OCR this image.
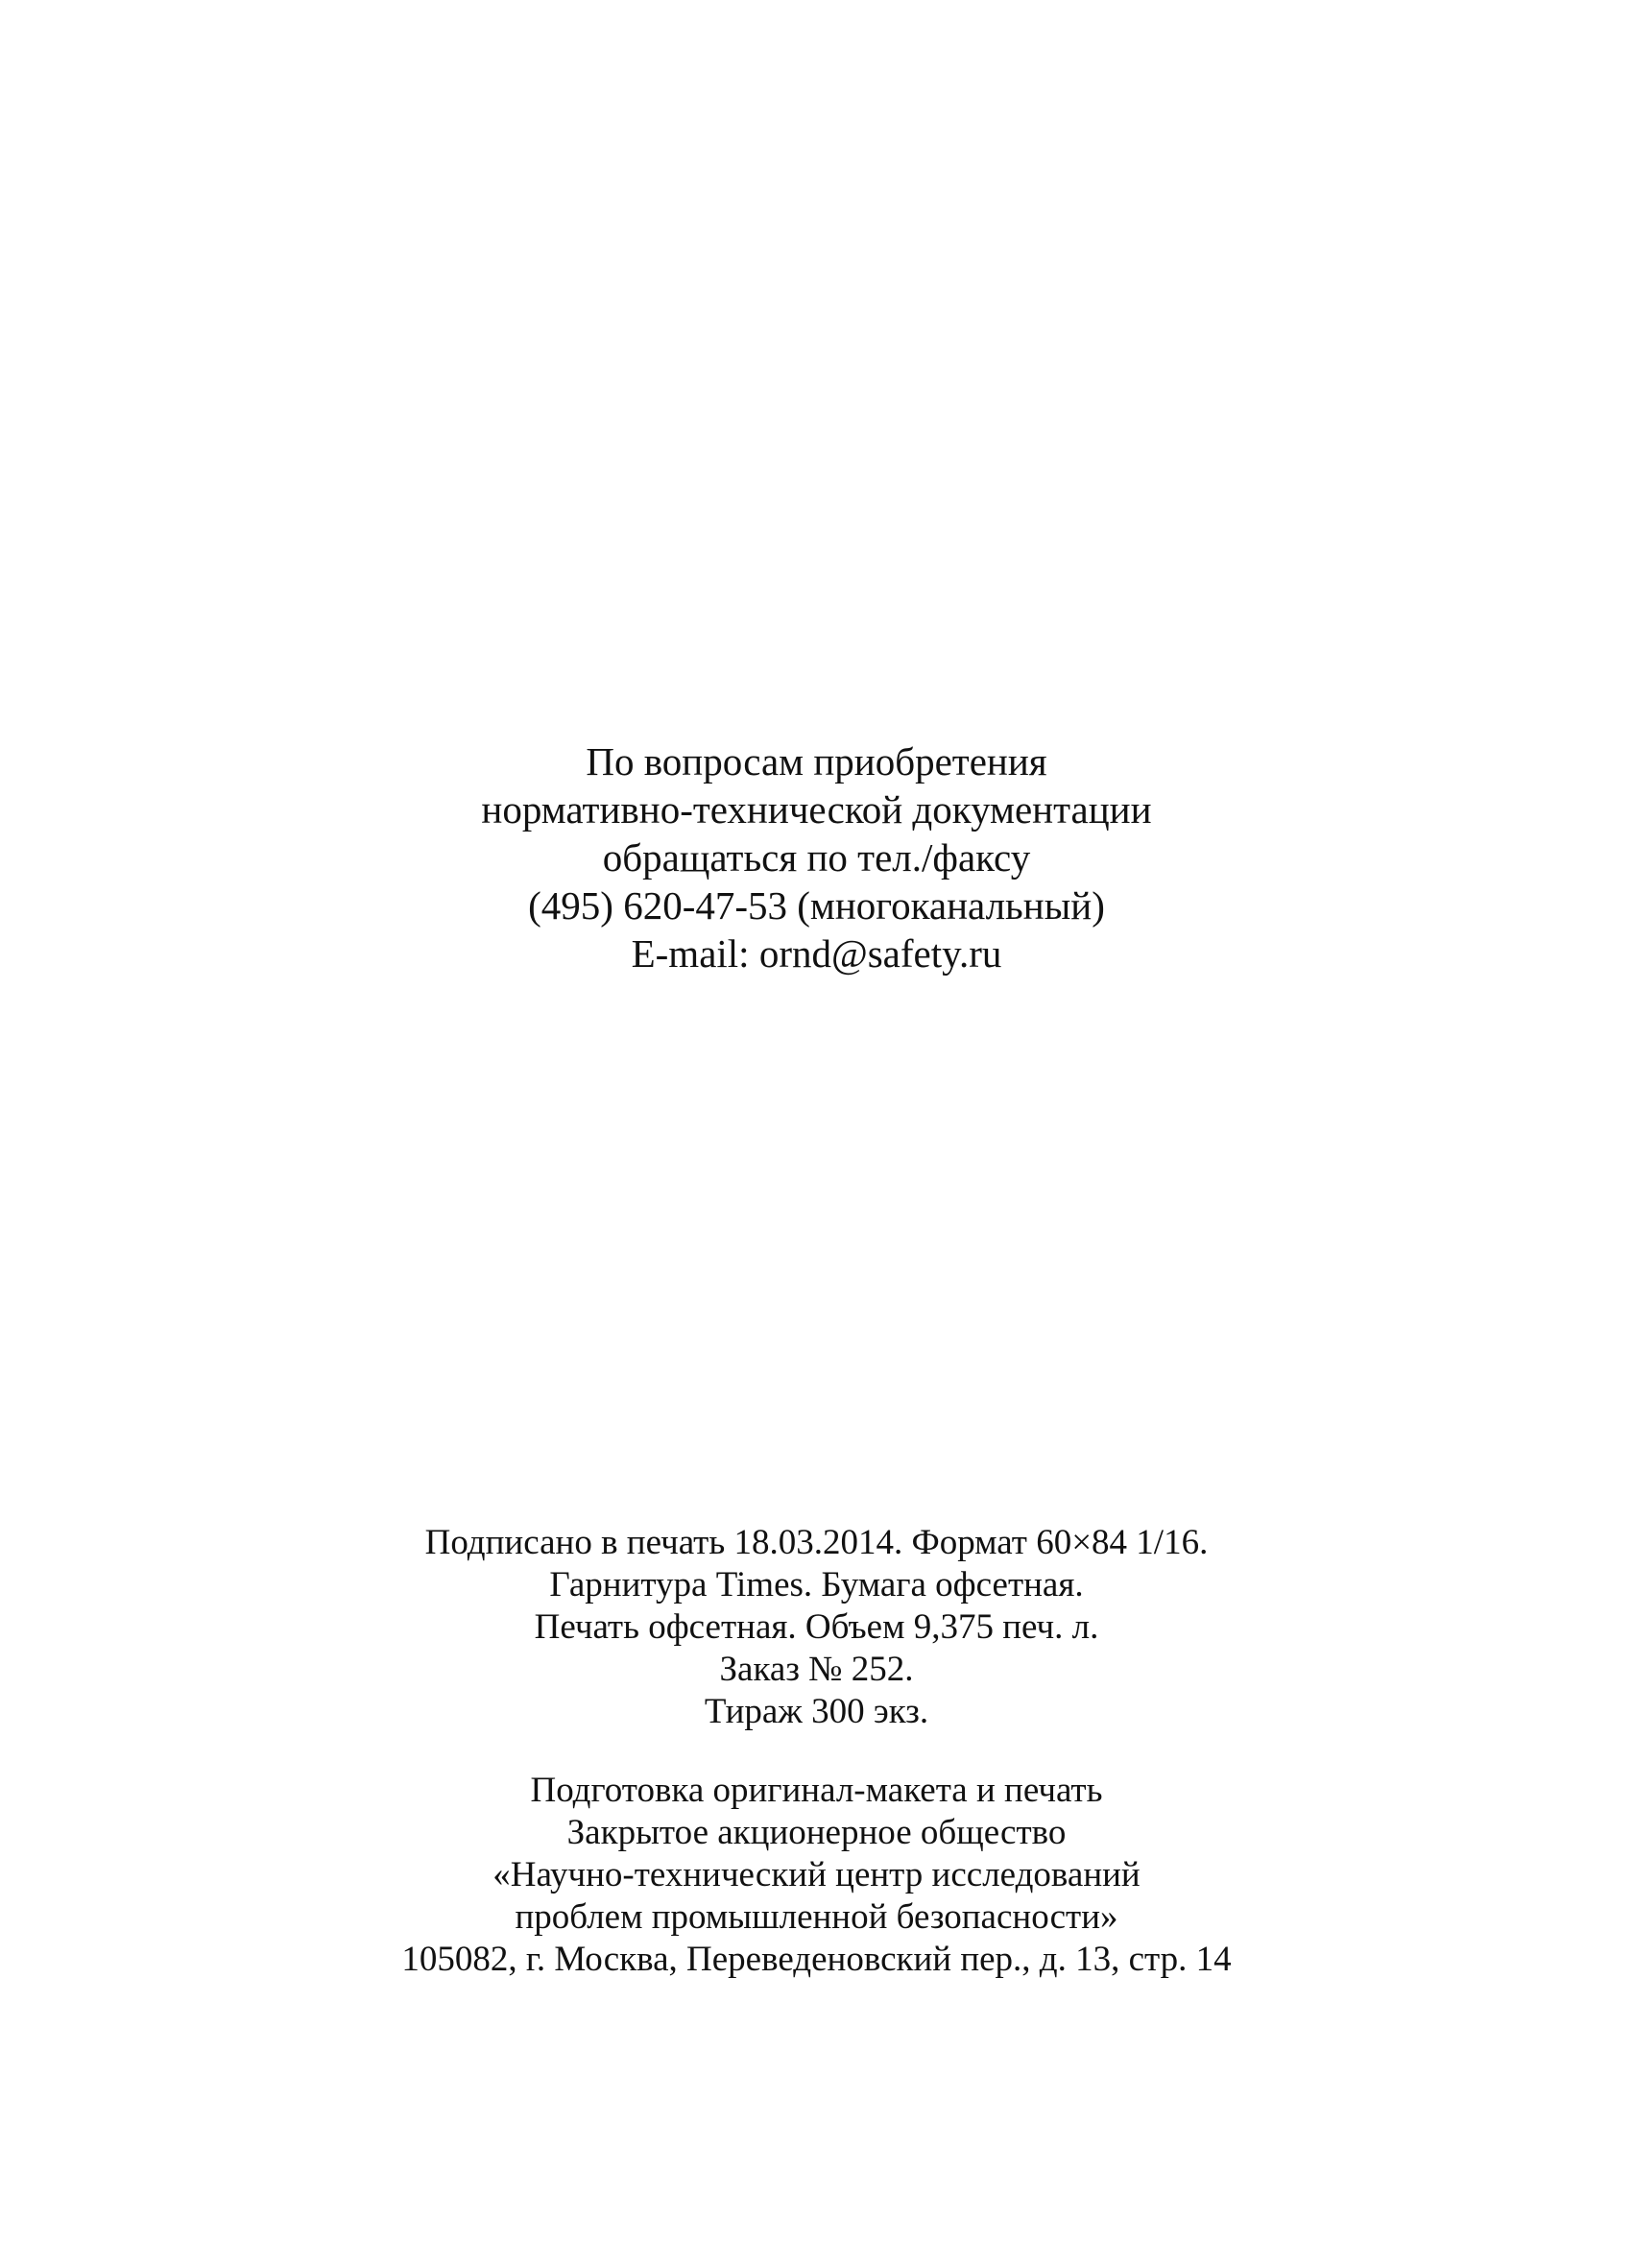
По вопросам приобретения
нормативно-технической документации
обращаться по тел./факсу
(495) 620-47-53 (многоканальный)
E-mail: ornd@safety.ru
Подписано в печать 18.03.2014. Формат 60×84 1/16.
Гарнитура Times. Бумага офсетная.
Печать офсетная. Объем 9,375 печ. л.
Заказ № 252.
Тираж 300 экз.
Подготовка оригинал-макета и печать
Закрытое акционерное общество
«Научно-технический центр исследований
проблем промышленной безопасности»
105082, г. Москва, Переведеновский пер., д. 13, стр. 14
